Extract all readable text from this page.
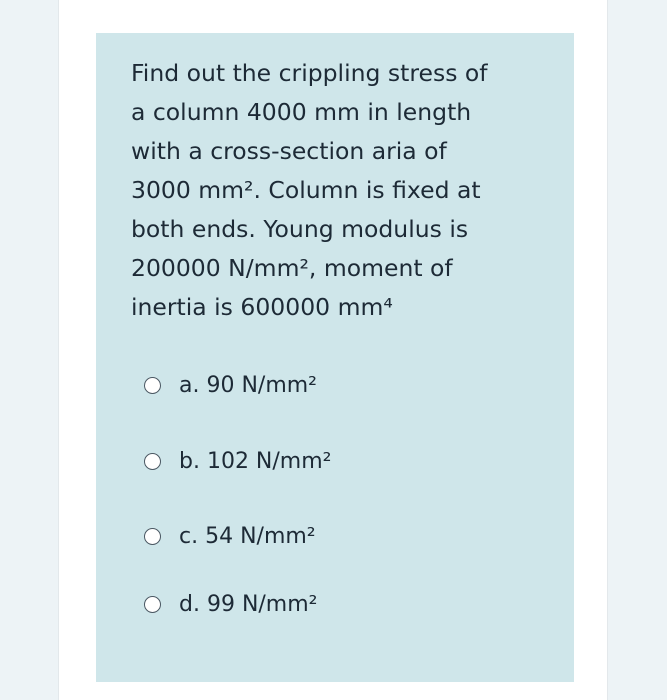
Find out the crippling stress of
a column 4000 mm in length
with a cross-section aria of
3000 mm². Column is fixed at
both ends. Young modulus is
200000 N/mm², moment of
inertia is 600000 mm⁴

a. 90 N/mm²
b. 102 N/mm²
c. 54 N/mm²
d. 99 N/mm²
